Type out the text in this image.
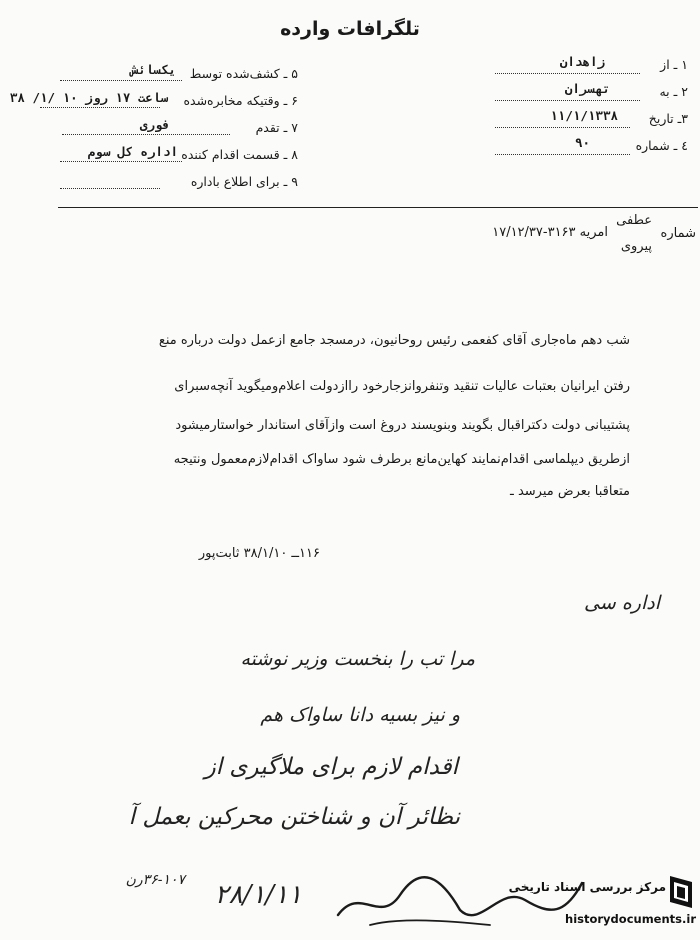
تلگرافات وارده
۱ ـ از
زاهدان
۲ ـ به
تهسران
۳ـ تاریخ
۱۱/۱/۱۳۳۸
٤ ـ شماره
۹۰
۵ ـ کشف‌شده توسط
یکسائش
۶ ـ وقتیکه مخابره‌شده
ساعت ۱۷ روز ۱۰ /۱/ ۳۸
۷ ـ تقدم
فوری
۸ ـ قسمت اقدام کننده
اداره کل سوم
۹ ـ برای اطلاع باداره
شماره
عطفی
امریه ۳۱۶۳-۱۷/۱۲/۳۷
پیروی
شب دهم ماه‌جاری آقای کفعمی رئیس روحانیون، درمسجد جامع ازعمل دولت درباره منع
رفتن ایرانیان بعتبات عالیات تنقید وتنفروانزجارخود راازدولت اعلام‌ومیگوید آنچه‌سبرای
پشتیبانی دولت دکتراقبال بگویند وبنویسند دروغ است وازآقای استاندار خواستارمیشود
ازطریق دیپلماسی اقدام‌نمایند کهاین‌مانع برطرف شود ساواک اقدام‌لازم‌معمول ونتیجه
متعاقبا بعرض میرسد ـ
۱۱۶ــ ۳۸/۱/۱۰ ثابت‌پور
اداره سی
مرا تب را بنخست وزیر نوشته
و نیز بسیه دانا ساواک هم
اقدام لازم برای ملاگیری از
نظائر آن و شناختن محرکین بعمل آ
۳۶-۱۰۷رن ۲۸/۱/۱۱	مرکز بررسی اسناد تاریخی
historydocuments.ir
